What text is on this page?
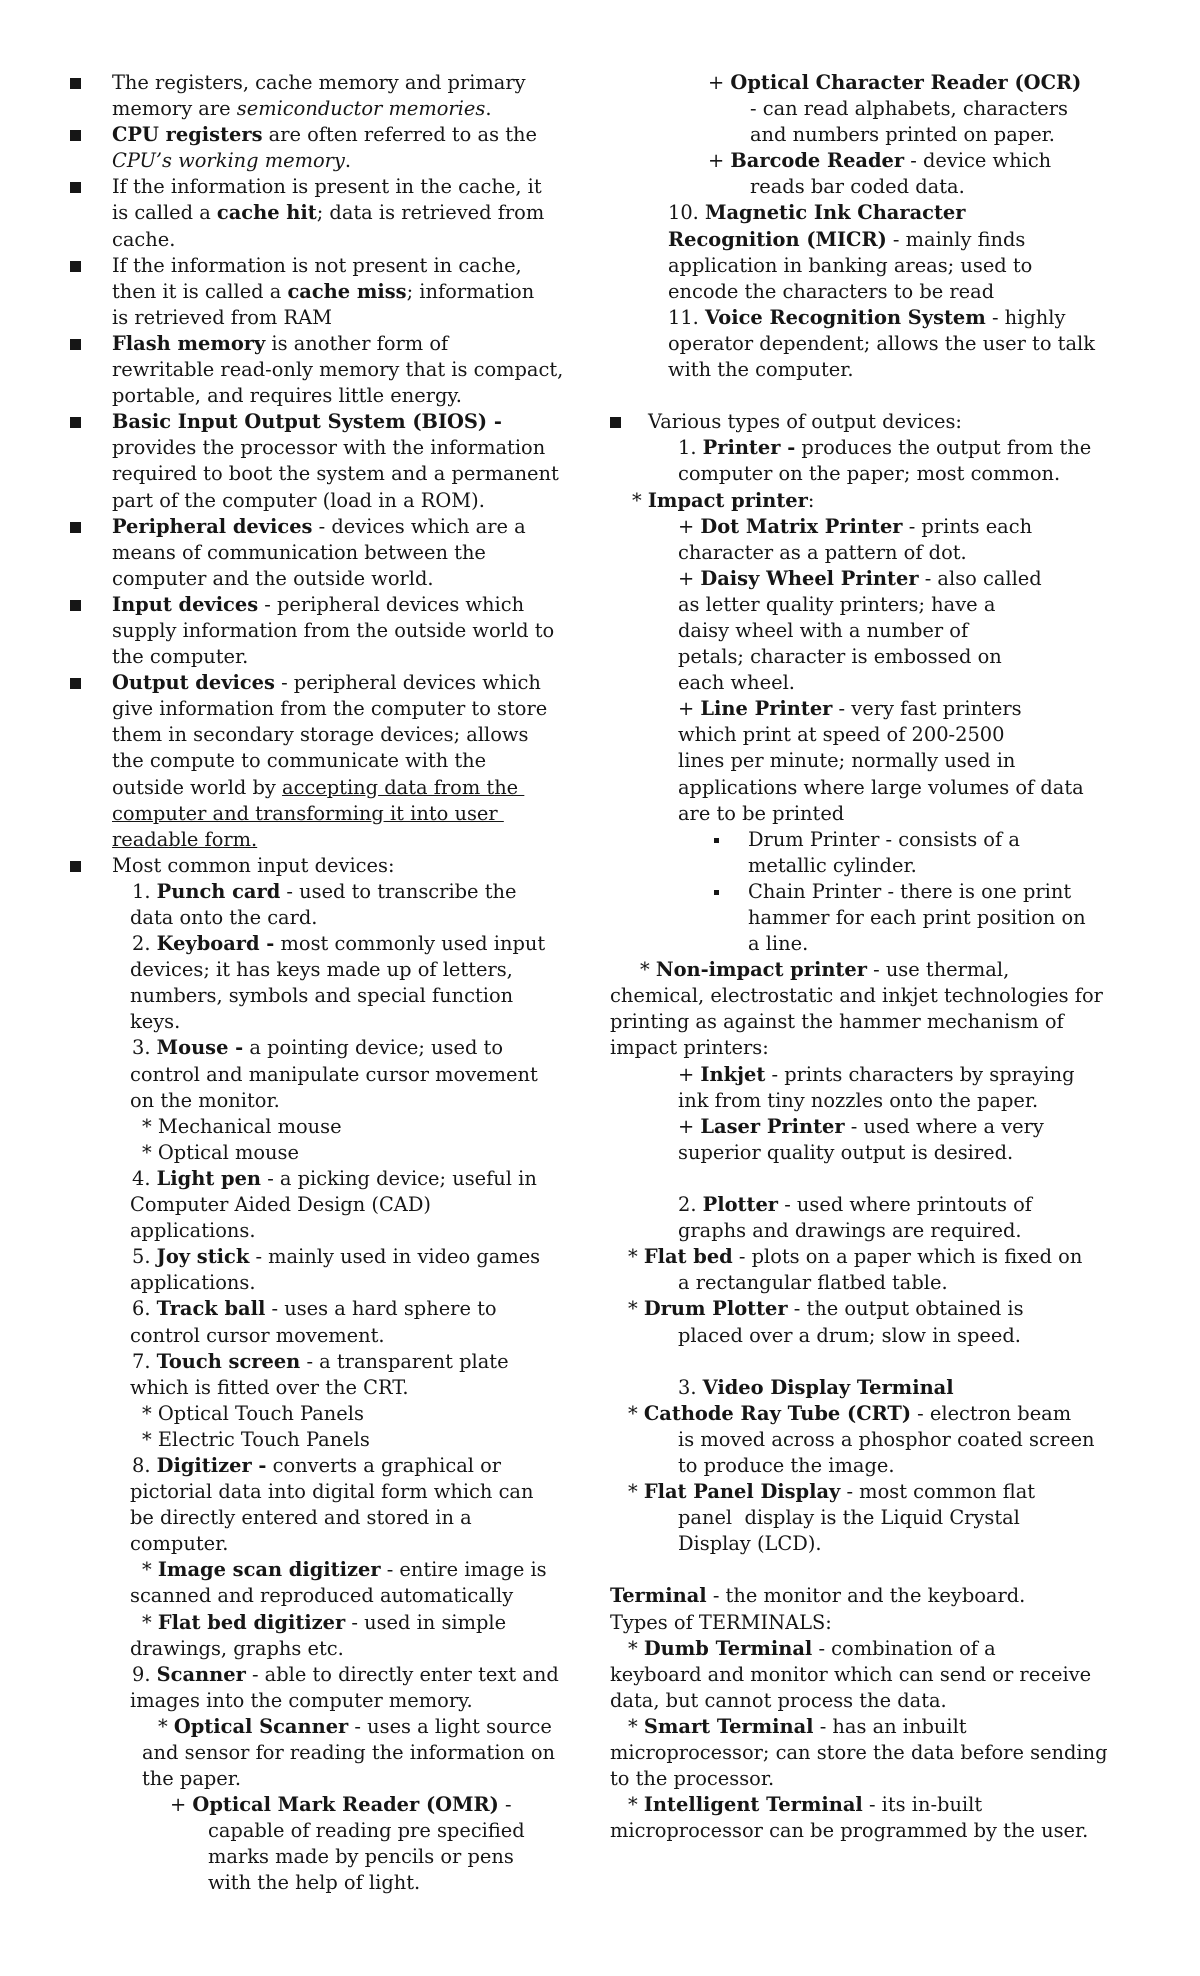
The registers, cache memory and primary
memory are semiconductor memories.
CPU registers are often referred to as the
CPU’s working memory.
If the information is present in the cache, it
is called a cache hit; data is retrieved from
cache.
If the information is not present in cache,
then it is called a cache miss; information
is retrieved from RAM
Flash memory is another form of
rewritable read-only memory that is compact,
portable, and requires little energy.
Basic Input Output System (BIOS) -
provides the processor with the information
required to boot the system and a permanent
part of the computer (load in a ROM).
Peripheral devices - devices which are a
means of communication between the
computer and the outside world.
Input devices - peripheral devices which
supply information from the outside world to
the computer.
Output devices - peripheral devices which
give information from the computer to store
them in secondary storage devices; allows
the compute to communicate with the
outside world by accepting data from the
computer and transforming it into user
readable form.
Most common input devices:
1. Punch card - used to transcribe the
data onto the card.
2. Keyboard - most commonly used input
devices; it has keys made up of letters,
numbers, symbols and special function
keys.
3. Mouse - a pointing device; used to
control and manipulate cursor movement
on the monitor.
* Mechanical mouse
* Optical mouse
4. Light pen - a picking device; useful in
Computer Aided Design (CAD)
applications.
5. Joy stick - mainly used in video games
applications.
6. Track ball - uses a hard sphere to
control cursor movement.
7. Touch screen - a transparent plate
which is fitted over the CRT.
* Optical Touch Panels
* Electric Touch Panels
8. Digitizer - converts a graphical or
pictorial data into digital form which can
be directly entered and stored in a
computer.
* Image scan digitizer - entire image is
scanned and reproduced automatically
* Flat bed digitizer - used in simple
drawings, graphs etc.
9. Scanner - able to directly enter text and
images into the computer memory.
* Optical Scanner - uses a light source
and sensor for reading the information on
the paper.
+ Optical Mark Reader (OMR) -
capable of reading pre specified
marks made by pencils or pens
with the help of light.
+ Optical Character Reader (OCR)
- can read alphabets, characters
and numbers printed on paper.
+ Barcode Reader - device which
reads bar coded data.
10. Magnetic Ink Character
Recognition (MICR) - mainly finds
application in banking areas; used to
encode the characters to be read
11. Voice Recognition System - highly
operator dependent; allows the user to talk
with the computer.
Various types of output devices:
1. Printer - produces the output from the
computer on the paper; most common.
* Impact printer:
+ Dot Matrix Printer - prints each
character as a pattern of dot.
+ Daisy Wheel Printer - also called
as letter quality printers; have a
daisy wheel with a number of
petals; character is embossed on
each wheel.
+ Line Printer - very fast printers
which print at speed of 200-2500
lines per minute; normally used in
applications where large volumes of data
are to be printed
Drum Printer - consists of a
metallic cylinder.
Chain Printer - there is one print
hammer for each print position on
a line.
* Non-impact printer - use thermal,
chemical, electrostatic and inkjet technologies for
printing as against the hammer mechanism of
impact printers:
+ Inkjet - prints characters by spraying
ink from tiny nozzles onto the paper.
+ Laser Printer - used where a very
superior quality output is desired.
2. Plotter - used where printouts of
graphs and drawings are required.
* Flat bed - plots on a paper which is fixed on
a rectangular flatbed table.
* Drum Plotter - the output obtained is
placed over a drum; slow in speed.
3. Video Display Terminal
* Cathode Ray Tube (CRT) - electron beam
is moved across a phosphor coated screen
to produce the image.
* Flat Panel Display - most common flat
panel  display is the Liquid Crystal
Display (LCD).
Terminal - the monitor and the keyboard.
Types of TERMINALS:
* Dumb Terminal - combination of a
keyboard and monitor which can send or receive
data, but cannot process the data.
* Smart Terminal - has an inbuilt
microprocessor; can store the data before sending
to the processor.
* Intelligent Terminal - its in-built
microprocessor can be programmed by the user.
